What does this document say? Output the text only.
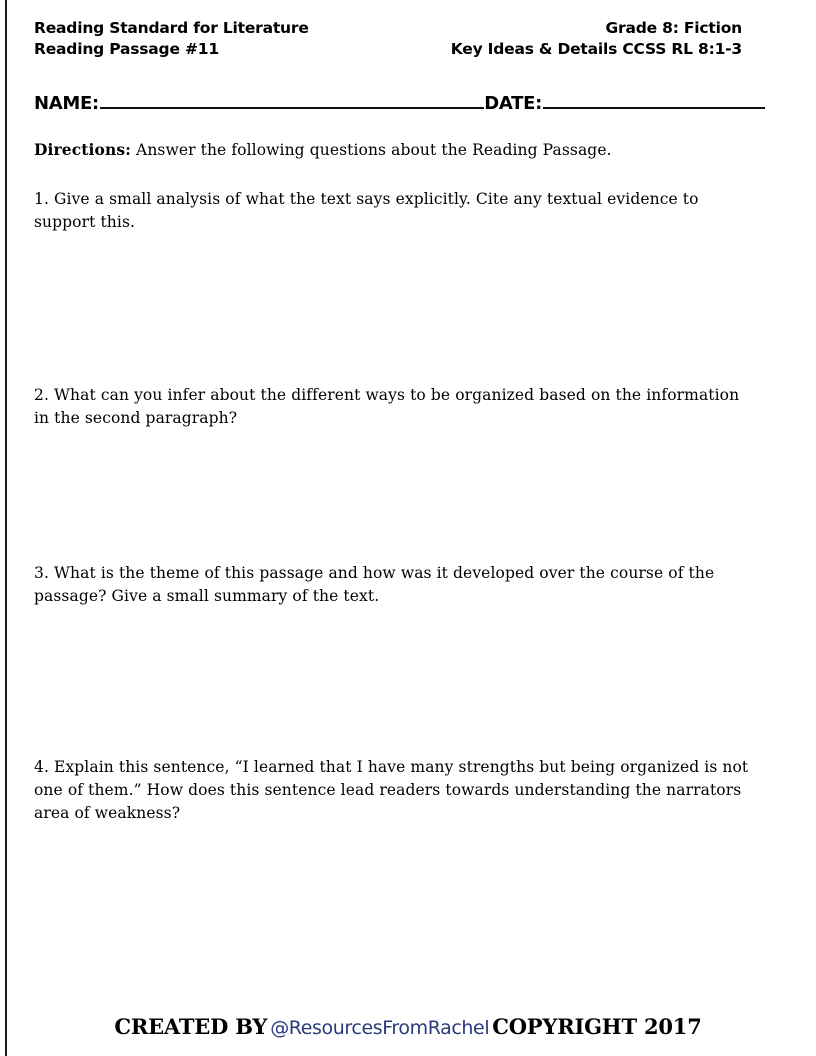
Reading Standard for Literature
Reading Passage #11
Grade 8: Fiction
Key Ideas & Details CCSS RL 8:1-3
NAME:	DATE:
Directions: Answer the following questions about the Reading Passage.
1. Give a small analysis of what the text says explicitly. Cite any textual evidence to support this.
2. What can you infer about the different ways to be organized based on the information in the second paragraph?
3. What is the theme of this passage and how was it developed over the course of the passage? Give a small summary of the text.
4. Explain this sentence, “I learned that I have many strengths but being organized is not one of them.” How does this sentence lead readers towards understanding the narrators area of weakness?
CREATED BY @ResourcesFromRachel COPYRIGHT 2017
